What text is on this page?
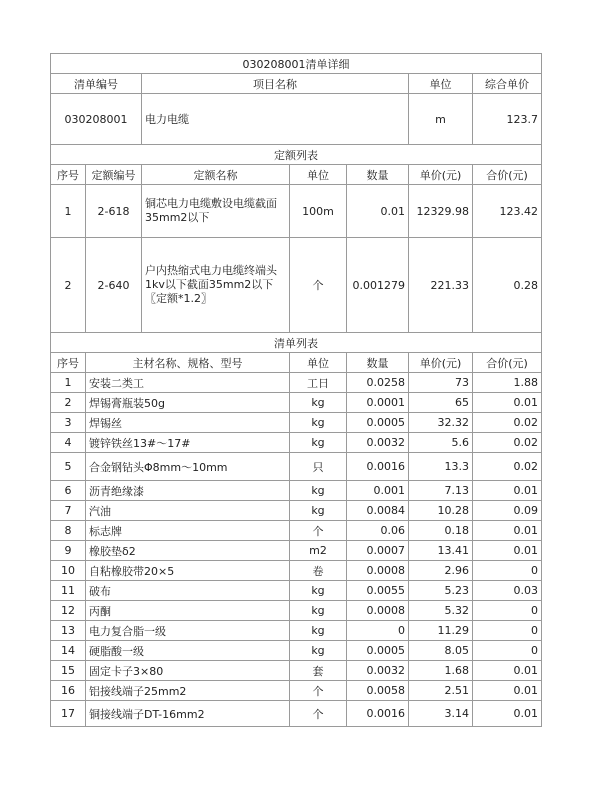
030208001清单详细			
清单编号	项目名称	单位	综合单价
030208001	电力电缆	m	123.7
定额列表						
序号	定额编号	定额名称	单位	数量	单价(元)	合价(元)
1	2-618	铜芯电力电缆敷设电缆截面35mm2以下	100m	0.01	12329.98	123.42
2	2-640	户内热缩式电力电缆终端头1kv以下截面35mm2以下〖定额*1.2〗	个	0.001279	221.33	0.28
清单列表					
序号	主材名称、规格、型号	单位	数量	单价(元)	合价(元)
1	安装二类工	工日	0.0258	73	1.88
2	焊锡膏瓶装50g	kg	0.0001	65	0.01
3	焊锡丝	kg	0.0005	32.32	0.02
4	镀锌铁丝13#～17#	kg	0.0032	5.6	0.02
5	合金钢钻头Φ8mm～10mm	只	0.0016	13.3	0.02
6	沥青绝缘漆	kg	0.001	7.13	0.01
7	汽油	kg	0.0084	10.28	0.09
8	标志牌	个	0.06	0.18	0.01
9	橡胶垫δ2	m2	0.0007	13.41	0.01
10	自粘橡胶带20×5	卷	0.0008	2.96	0
11	破布	kg	0.0055	5.23	0.03
12	丙酮	kg	0.0008	5.32	0
13	电力复合脂一级	kg	0	11.29	0
14	硬脂酸一级	kg	0.0005	8.05	0
15	固定卡子3×80	套	0.0032	1.68	0.01
16	铝接线端子25mm2	个	0.0058	2.51	0.01
17	铜接线端子DT-16mm2	个	0.0016	3.14	0.01
